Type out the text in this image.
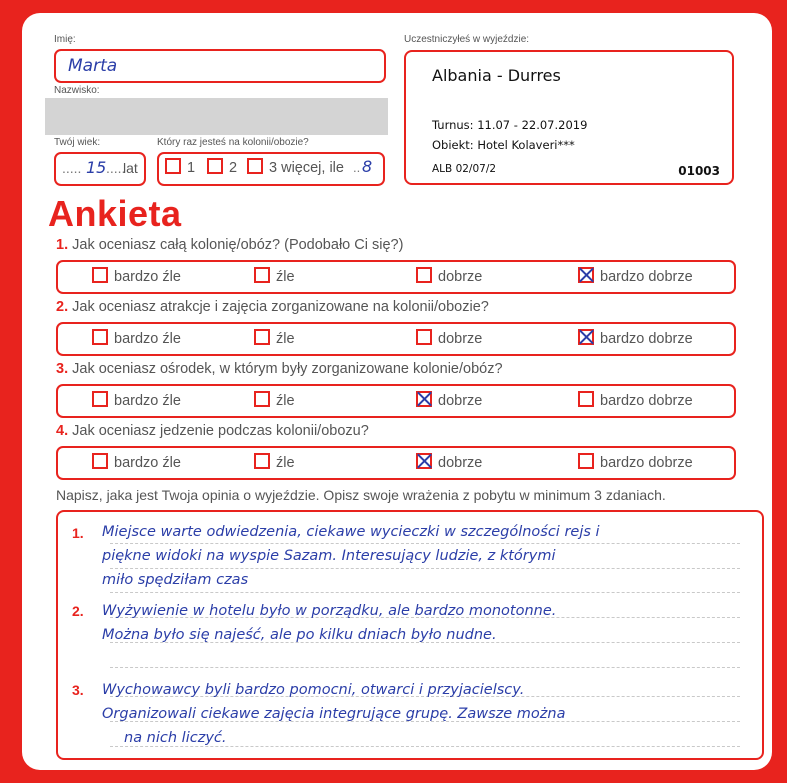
Imię:
Marta
Nazwisko:
Twój wiek:
..... 15 .....
lat
Który raz jesteś na kolonii/obozie?
1	2	3 więcej, ile .. 8
Uczestniczyłeś w wyjeździe:
Albania - Durres
Turnus: 11.07 - 22.07.2019
Obiekt: Hotel Kolaveri***
ALB 02/07/2	01003
Ankieta
1. Jak oceniasz całą kolonię/obóz? (Podobało Ci się?)
bardzo źle	źle	dobrze	bardzo dobrze
2. Jak oceniasz atrakcje i zajęcia zorganizowane na kolonii/obozie?
bardzo źle	źle	dobrze	bardzo dobrze
3. Jak oceniasz ośrodek, w którym były zorganizowane kolonie/obóz?
bardzo źle	źle	dobrze	bardzo dobrze
4. Jak oceniasz jedzenie podczas kolonii/obozu?
bardzo źle	źle	dobrze	bardzo dobrze
Napisz, jaka jest Twoja opinia o wyjeździe. Opisz swoje wrażenia z pobytu w minimum 3 zdaniach.
1. Miejsce warte odwiedzenia, ciekawe wycieczki w szczególności rejs i
piękne widoki na wyspie Sazam. Interesujący ludzie, z którymi
miło spędziłam czas
2. Wyżywienie w hotelu było w porządku, ale bardzo monotonne.
Można było się najeść, ale po kilku dniach było nudne.
3. Wychowawcy byli bardzo pomocni, otwarci i przyjacielscy.
Organizowali ciekawe zajęcia integrujące grupę. Zawsze można
na nich liczyć.
